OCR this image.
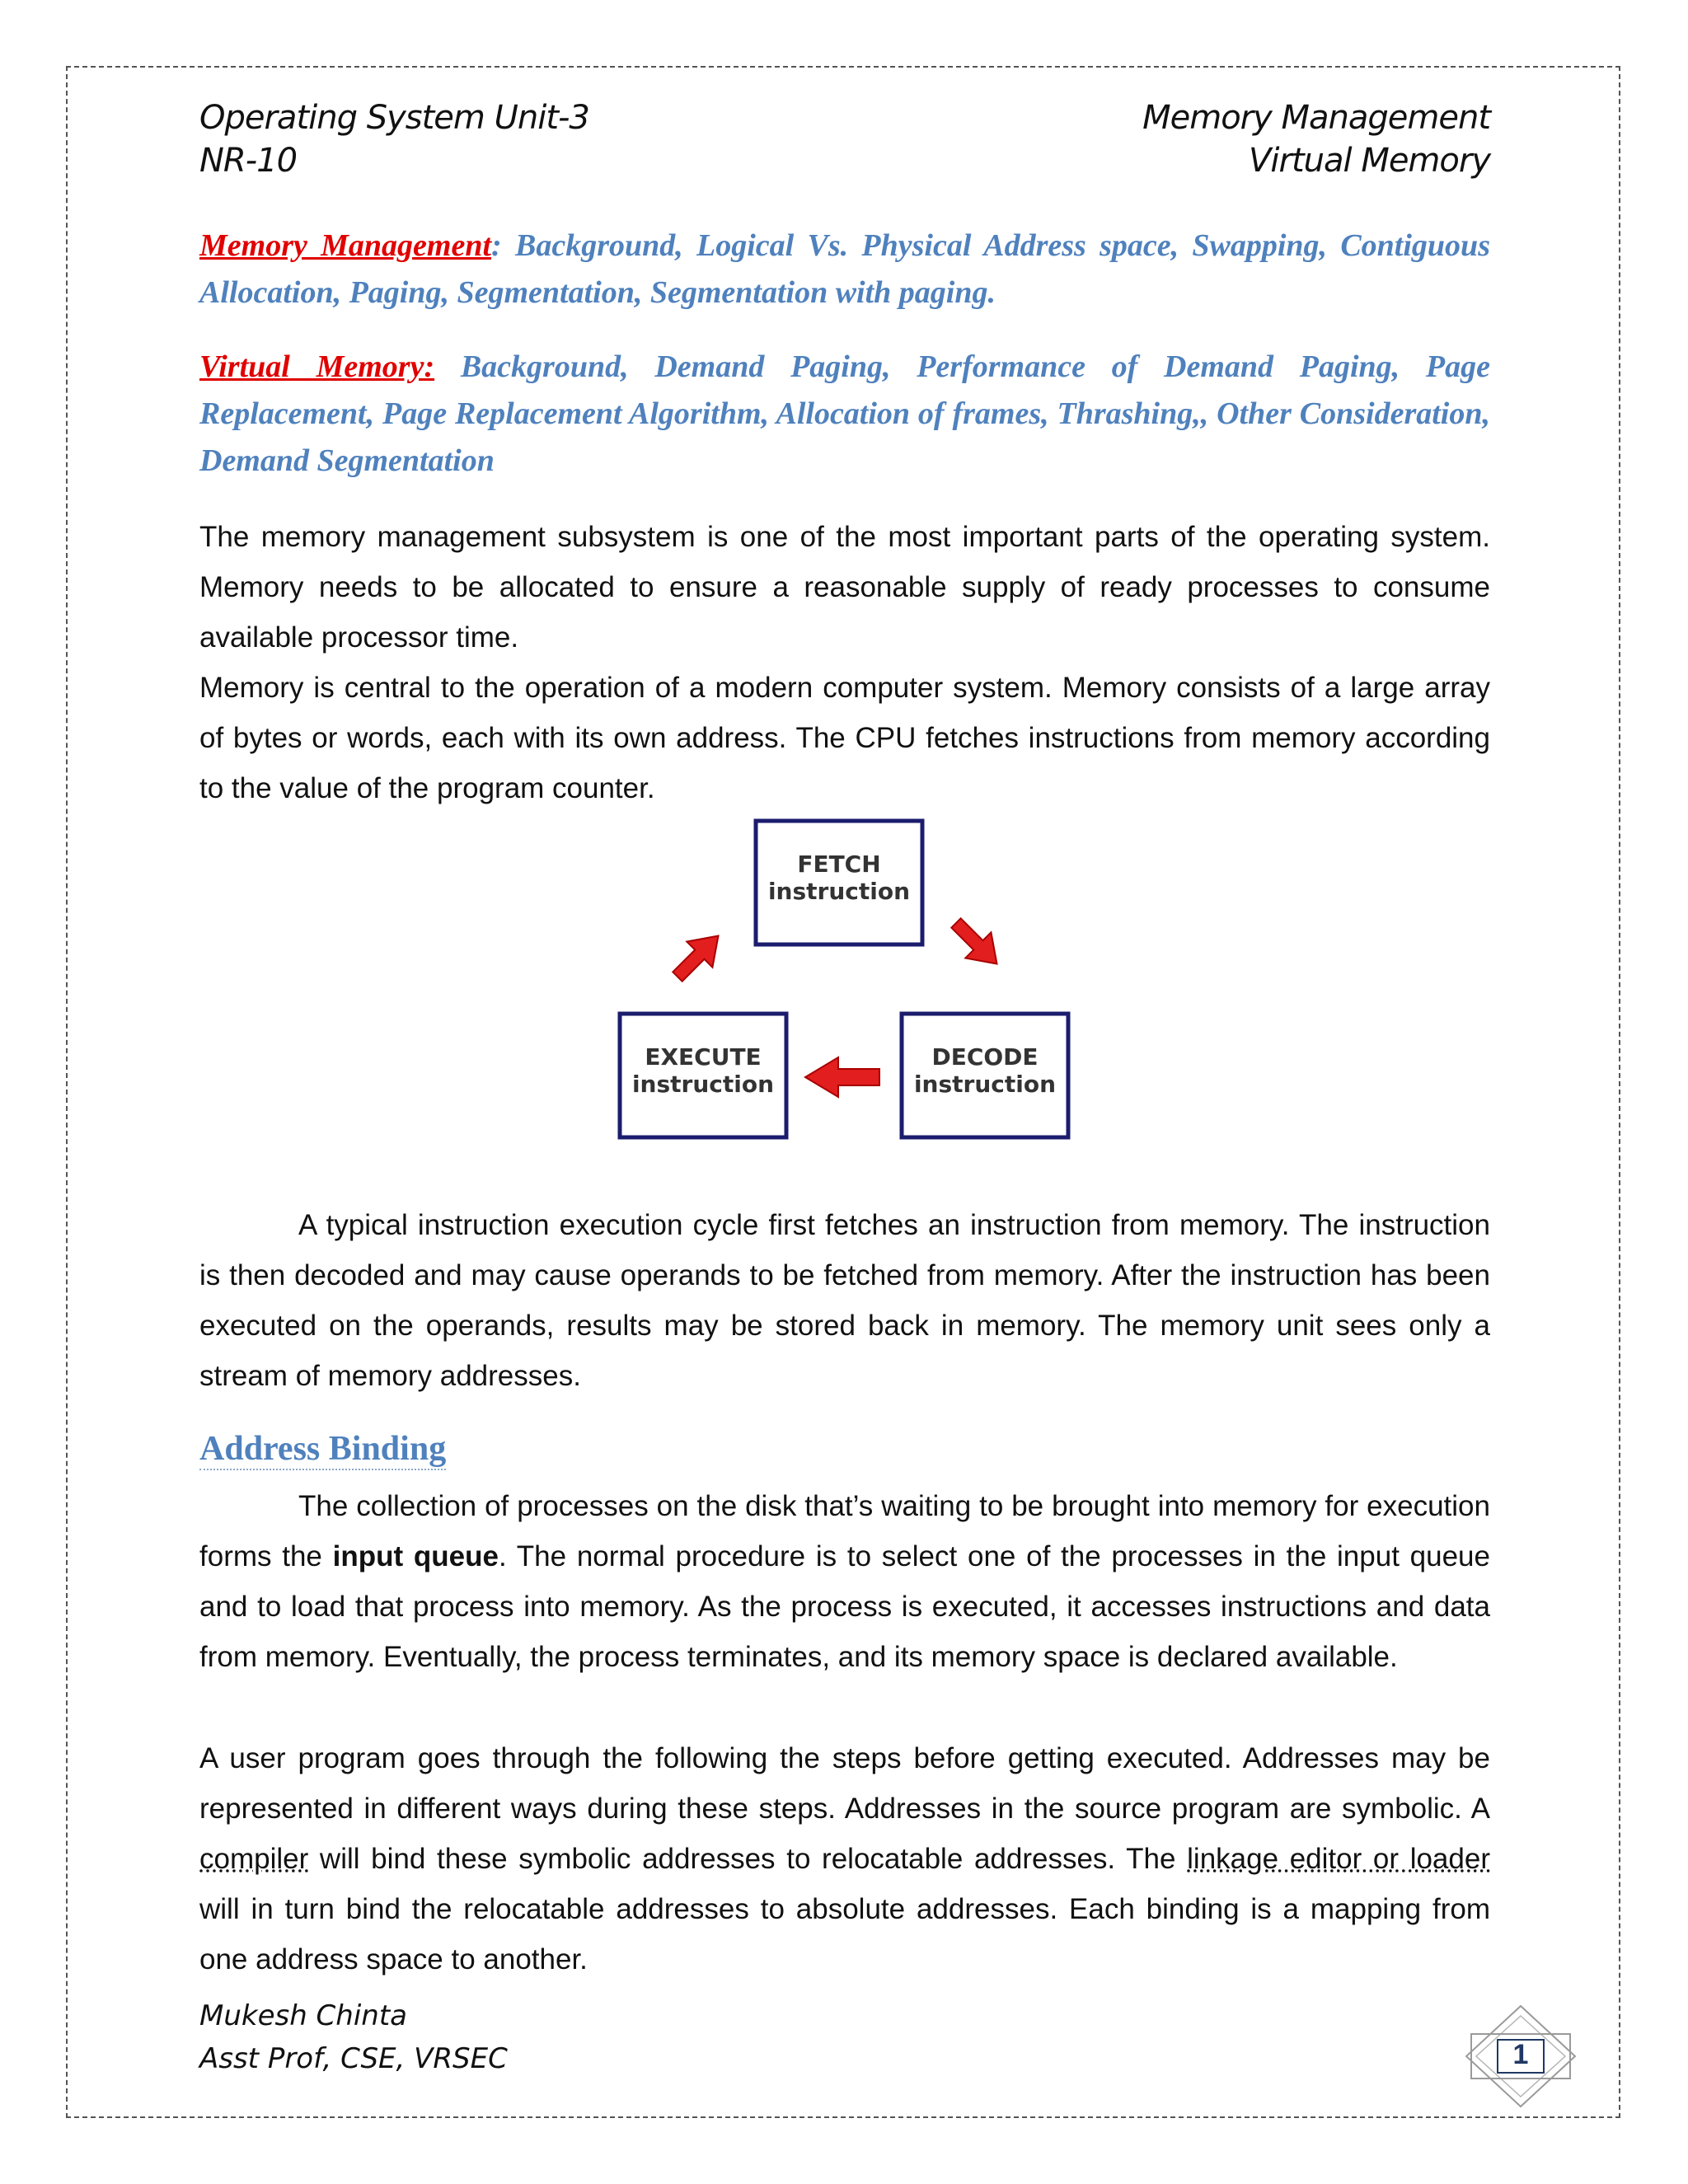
Operating System Unit-3
NR-10
Memory Management
Virtual Memory
Memory Management: Background, Logical Vs. Physical Address space, Swapping, Contiguous Allocation, Paging, Segmentation, Segmentation with paging.
Virtual Memory: Background, Demand Paging, Performance of Demand Paging, Page Replacement, Page Replacement Algorithm, Allocation of frames, Thrashing,, Other Consideration, Demand Segmentation

The memory management subsystem is one of the most important parts of the operating system. Memory needs to be allocated to ensure a reasonable supply of ready processes to consume available processor time.

Memory is central to the operation of a modern computer system. Memory consists of a large array of bytes or words, each with its own address. The CPU fetches instructions from memory according to the value of the program counter.

FETCH
instruction
DECODE
instruction
EXECUTE
instruction

A typical instruction execution cycle first fetches an instruction from memory. The instruction is then decoded and may cause operands to be fetched from memory. After the instruction has been executed on the operands, results may be stored back in memory. The memory unit sees only a stream of memory addresses.

Address Binding

The collection of processes on the disk that’s waiting to be brought into memory for execution forms the input queue. The normal procedure is to select one of the processes in the input queue and to load that process into memory. As the process is executed, it accesses instructions and data from memory. Eventually, the process terminates, and its memory space is declared available.

A user program goes through the following the steps before getting executed. Addresses may be represented in different ways during these steps. Addresses in the source program are symbolic. A compiler will bind these symbolic addresses to relocatable addresses. The linkage editor or loader will in turn bind the relocatable addresses to absolute addresses. Each binding is a mapping from one address space to another.

Mukesh Chinta
Asst Prof, CSE, VRSEC	1
